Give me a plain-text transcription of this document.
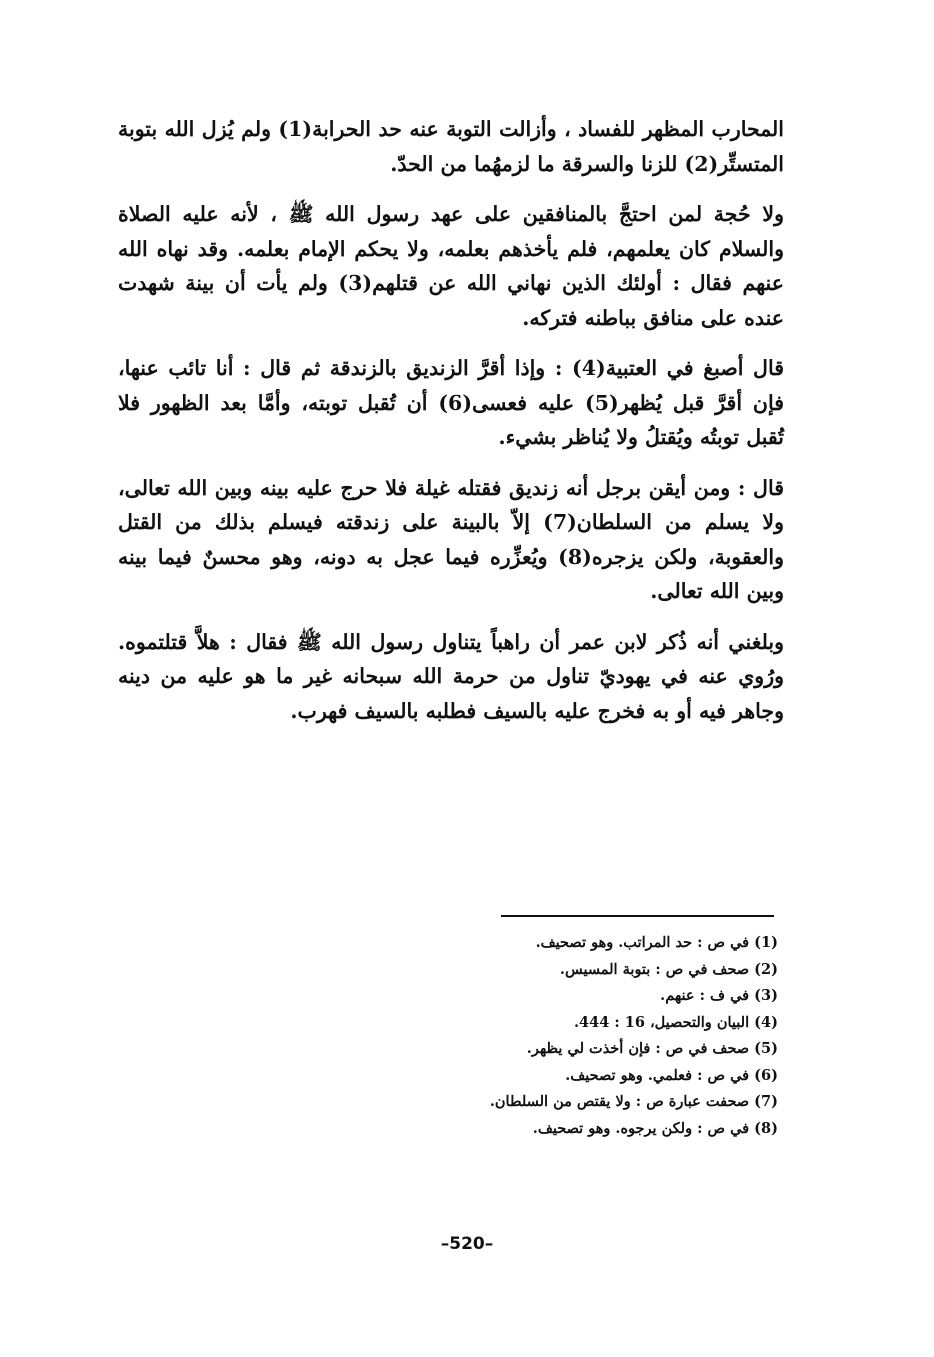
المحارب المظهر للفساد ، وأزالت التوبة عنه حد الحرابة(1) ولم يُزل الله بتوبة المتستِّر(2) للزنا والسرقة ما لزمهُما من الحدّ.

ولا حُجة لمن احتجَّ بالمنافقين على عهد رسول الله ﷺ ، لأنه عليه الصلاة والسلام كان يعلمهم، فلم يأخذهم بعلمه، ولا يحكم الإمام بعلمه. وقد نهاه الله عنهم فقال : أولئك الذين نهاني الله عن قتلهم(3) ولم يأت أن بينة شهدت عنده على منافق بباطنه فتركه.

قال أصبغ في العتبية(4) : وإذا أقرَّ الزنديق بالزندقة ثم قال : أنا تائب عنها، فإن أقرَّ قبل يُظهر(5) عليه فعسى(6) أن تُقبل توبته، وأمَّا بعد الظهور فلا تُقبل توبتُه ويُقتلُ ولا يُناظر بشيء.

قال : ومن أيقن برجل أنه زنديق فقتله غيلة فلا حرج عليه بينه وبين الله تعالى، ولا يسلم من السلطان(7) إلاّ بالبينة على زندقته فيسلم بذلك من القتل والعقوبة، ولكن يزجره(8) ويُعزِّره فيما عجل به دونه، وهو محسنٌ فيما بينه وبين الله تعالى.

وبلغني أنه ذُكر لابن عمر أن راهباً يتناول رسول الله ﷺ فقال : هلاَّ قتلتموه. ورُوي عنه في يهوديّ تناول من حرمة الله سبحانه غير ما هو عليه من دينه وجاهر فيه أو به فخرج عليه بالسيف فطلبه بالسيف فهرب.

(1) في ص : حد المراتب. وهو تصحيف.
(2) صحف في ص : بتوبة المسيس.
(3) في ف : عنهم.
(4) البيان والتحصيل، 16 : 444.
(5) صحف في ص : فإن أخذت لي يظهر.
(6) في ص : فعلمي. وهو تصحيف.
(7) صحفت عبارة ص : ولا يقتص من السلطان.
(8) في ص : ولكن يرجوه. وهو تصحيف.
–520–
